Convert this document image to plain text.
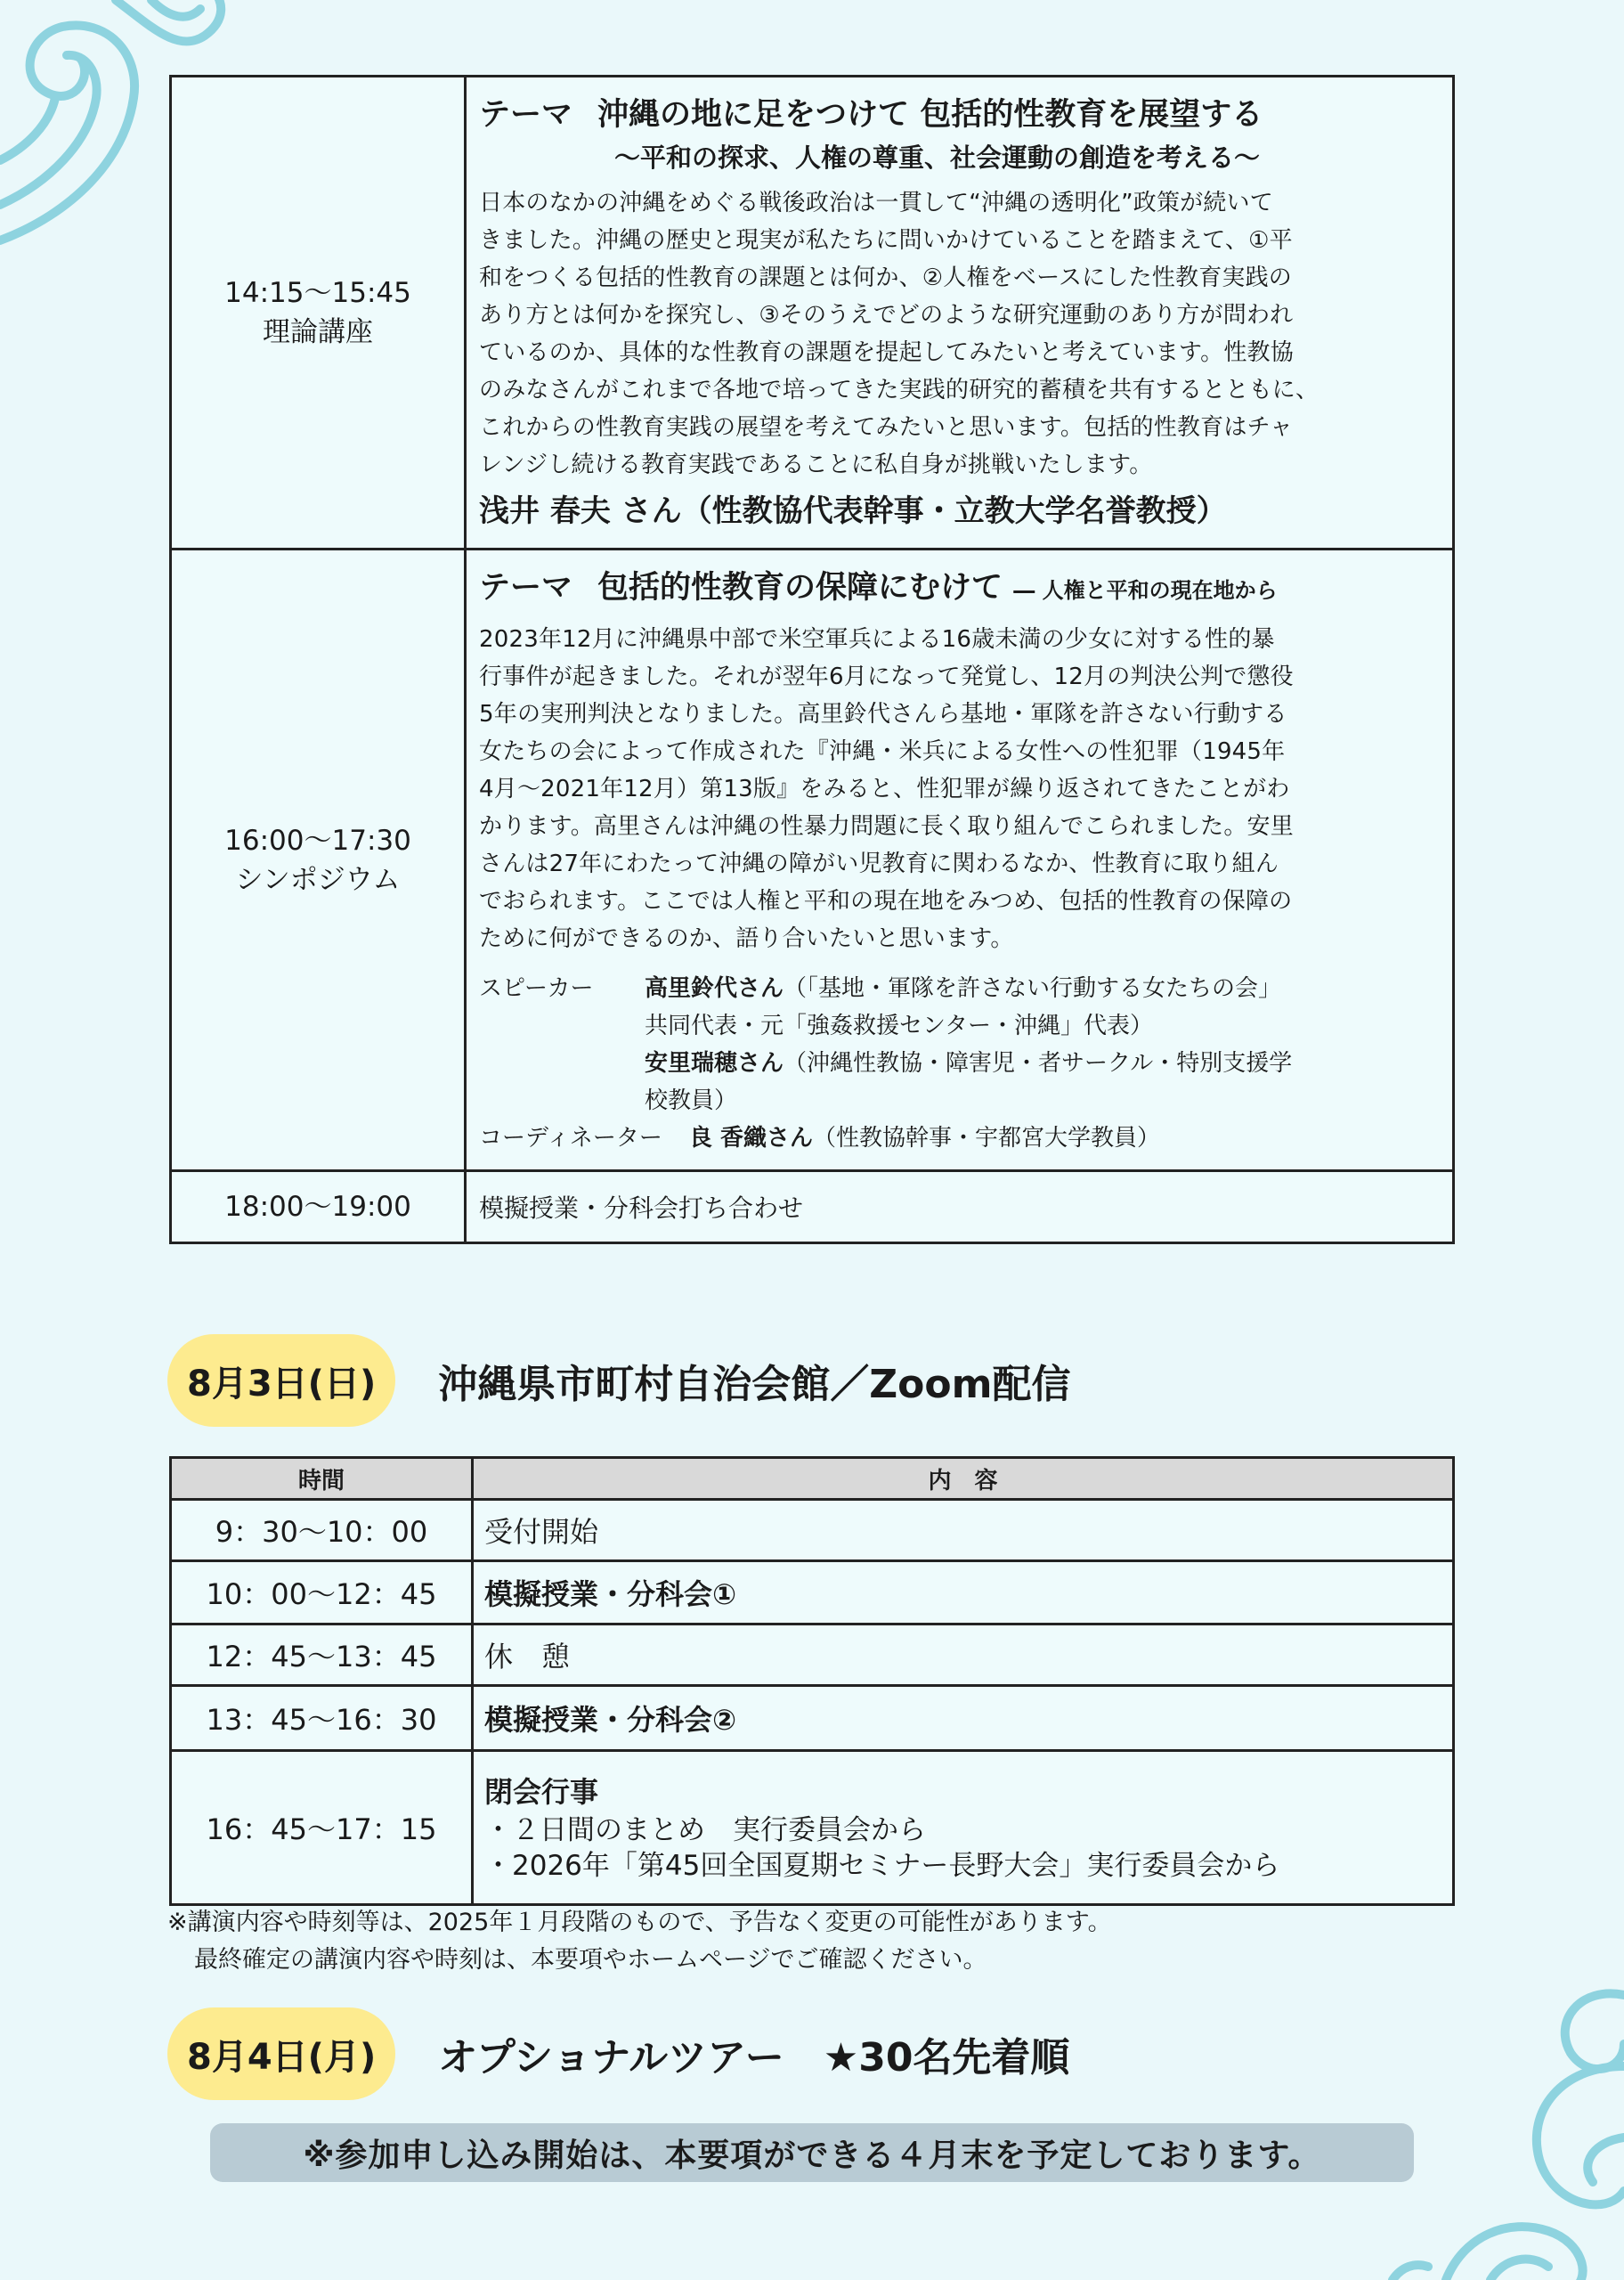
14:15〜15:45
理論講座
テーマ 沖縄の地に足をつけて 包括的性教育を展望する
〜平和の探求、人権の尊重、社会運動の創造を考える〜
日本のなかの沖縄をめぐる戦後政治は一貫して“沖縄の透明化”政策が続いて
きました。沖縄の歴史と現実が私たちに問いかけていることを踏まえて、①平
和をつくる包括的性教育の課題とは何か、②人権をベースにした性教育実践の
あり方とは何かを探究し、③そのうえでどのような研究運動のあり方が問われ
ているのか、具体的な性教育の課題を提起してみたいと考えています。性教協
のみなさんがこれまで各地で培ってきた実践的研究的蓄積を共有するとともに、
これからの性教育実践の展望を考えてみたいと思います。包括的性教育はチャ
レンジし続ける教育実践であることに私自身が挑戦いたします。
浅井 春夫 さん（性教協代表幹事・立教大学名誉教授）
16:00〜17:30
シンポジウム
テーマ 包括的性教育の保障にむけて ― 人権と平和の現在地から
2023年12月に沖縄県中部で米空軍兵による16歳未満の少女に対する性的暴
行事件が起きました。それが翌年6月になって発覚し、12月の判決公判で懲役
5年の実刑判決となりました。高里鈴代さんら基地・軍隊を許さない行動する
女たちの会によって作成された『沖縄・米兵による女性への性犯罪（1945年
4月〜2021年12月）第13版』をみると、性犯罪が繰り返されてきたことがわ
かります。高里さんは沖縄の性暴力問題に長く取り組んでこられました。安里
さんは27年にわたって沖縄の障がい児教育に関わるなか、性教育に取り組ん
でおられます。ここでは人権と平和の現在地をみつめ、包括的性教育の保障の
ために何ができるのか、語り合いたいと思います。
スピーカー	高里鈴代さん （「基地・軍隊を許さない行動する女たちの会」
共同代表・元「強姦救援センター・沖縄」代表）
安里瑞穂さん（沖縄性教協・障害児・者サークル・特別支援学
校教員）
コーディネーター 良 香織さん （性教協幹事・宇都宮大学教員）
18:00〜19:00	模擬授業・分科会打ち合わせ
8月3日(日)	沖縄県市町村自治会館／Zoom配信
時間	内　容
9：30〜10：00	受付開始
10：00〜12：45	模擬授業・分科会①
12：45〜13：45	休　憩
13：45〜16：30	模擬授業・分科会②
16：45〜17：15
閉会行事
・２日間のまとめ　実行委員会から
・2026年「第45回全国夏期セミナー長野大会」実行委員会から
※講演内容や時刻等は、2025年１月段階のもので、予告なく変更の可能性があります。
最終確定の講演内容や時刻は、本要項やホームページでご確認ください。
8月4日(月)	オプショナルツアー　★30名先着順
※参加申し込み開始は、本要項ができる４月末を予定しております。
